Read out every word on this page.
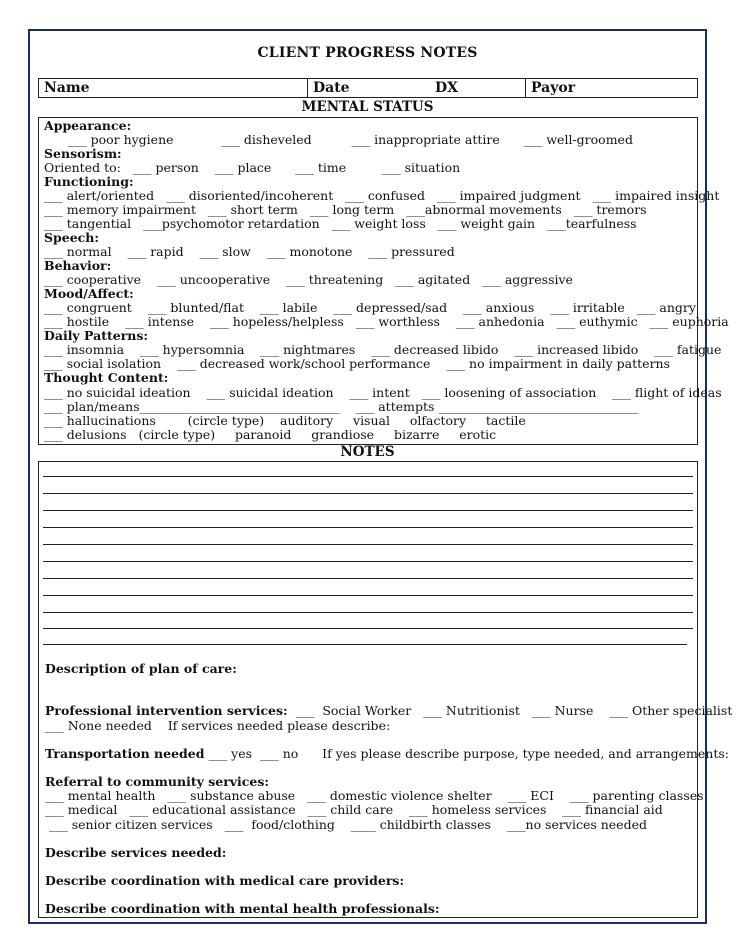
CLIENT PROGRESS NOTES
Name	Date	DX	Payor
MENTAL STATUS
Appearance:
___ poor hygiene            ___ disheveled          ___ inappropriate attire      ___ well-groomed
Sensorism:
Oriented to:   ___ person    ___ place      ___ time         ___ situation
Functioning:
___ alert/oriented   ___ disoriented/incoherent   ___ confused   ___ impaired judgment   ___ impaired insight
___ memory impairment   ___ short term   ___ long term   ___abnormal movements   ___ tremors
___ tangential   ___psychomotor retardation   ___ weight loss   ___ weight gain   ___tearfulness
Speech:
___ normal    ___ rapid    ___ slow    ___ monotone    ___ pressured
Behavior:
___ cooperative    ___ uncooperative    ___ threatening   ___ agitated   ___ aggressive
Mood/Affect:
___ congruent    ___ blunted/flat    ___ labile    ___ depressed/sad    ___ anxious    ___ irritable   ___ angry
___ hostile    ___ intense    ___ hopeless/helpless   ___ worthless    ___ anhedonia   ___ euthymic   ___ euphoria
Daily Patterns:
___ insomnia    ___ hypersomnia    ___ nightmares    ___ decreased libido    ___ increased libido    ___ fatigue
___ social isolation    ___ decreased work/school performance    ___ no impairment in daily patterns
Thought Content:
___ no suicidal ideation    ___ suicidal ideation    ___ intent   ___ loosening of association    ___ flight of ideas
___ plan/means________________________________    ___ attempts ________________________________
___ hallucinations        (circle type)    auditory     visual     olfactory     tactile
___ delusions   (circle type)     paranoid     grandiose     bizarre     erotic
NOTES
Description of plan of care:
Professional intervention services:  ___  Social Worker   ___ Nutritionist   ___ Nurse    ___ Other specialist
___ None needed    If services needed please describe:
Transportation needed ___ yes  ___ no      If yes please describe purpose, type needed, and arrangements:
Referral to community services:
___ mental health   ___ substance abuse   ___ domestic violence shelter    ___ ECI    ___ parenting classes
___ medical   ___ educational assistance   ___ child care    ___ homeless services    ___ financial aid
___ senior citizen services   ___  food/clothing    ____ childbirth classes    ___no services needed
Describe services needed:
Describe coordination with medical care providers:
Describe coordination with mental health professionals:
